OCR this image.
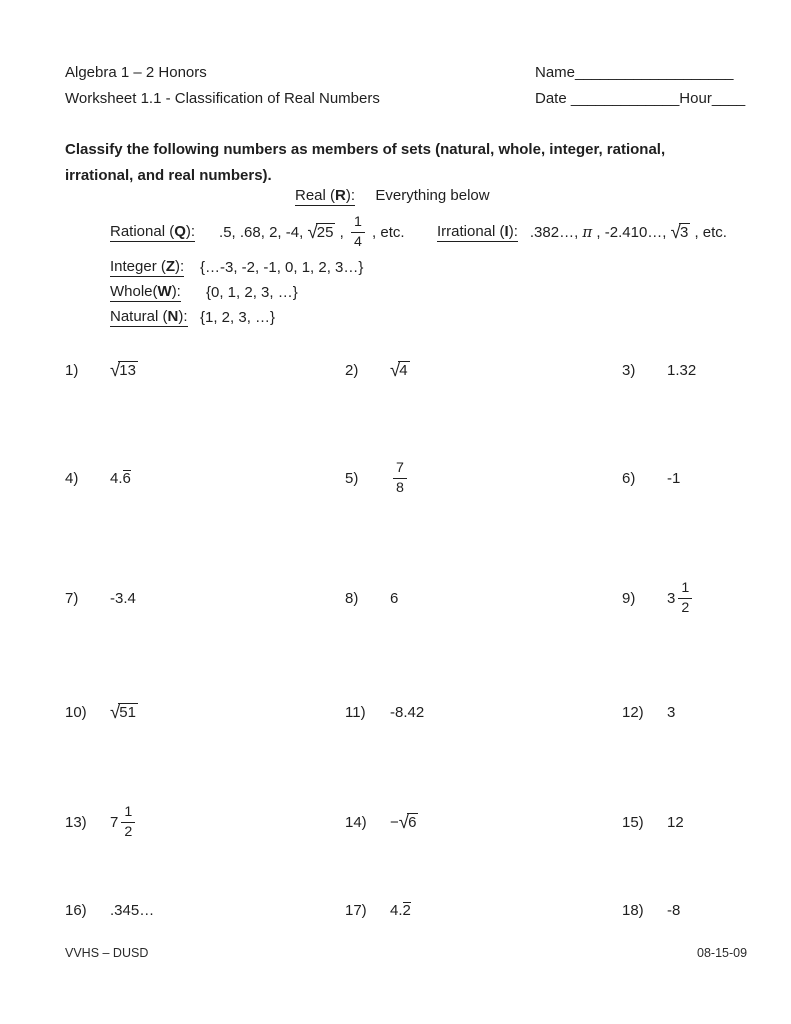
Algebra 1 – 2 Honors
Worksheet 1.1 - Classification of Real Numbers
Name___________________
Date _____________Hour____
Classify the following numbers as members of sets (natural, whole, integer, rational, irrational, and real numbers).
Real (R): Everything below
Rational (Q): .5, .68, 2, -4, √25 , $\frac{1}{4}$ , etc. Irrational (I): .382…, π , -2.410…, √3 , etc.
Integer (Z):	{…-3, -2, -1, 0, 1, 2, 3…}
Whole(W):	{0, 1, 2, 3, …}
Natural (N): {1, 2, 3, …}
1)	√13	2)	√4	3)	1.32
4)	4. 6	5)	$\frac{7}{8}$	6)	-1
7)	-3.4	8)	6	9)	$3 \frac{1}{2}$
10)	√51	11)	-8.42	12)	3
13)	$7 \frac{1}{2}$	14)	− √6	15)	12
16)	.345…	17)	4. 2	18)	-8
VVHS – DUSD	08-15-09
